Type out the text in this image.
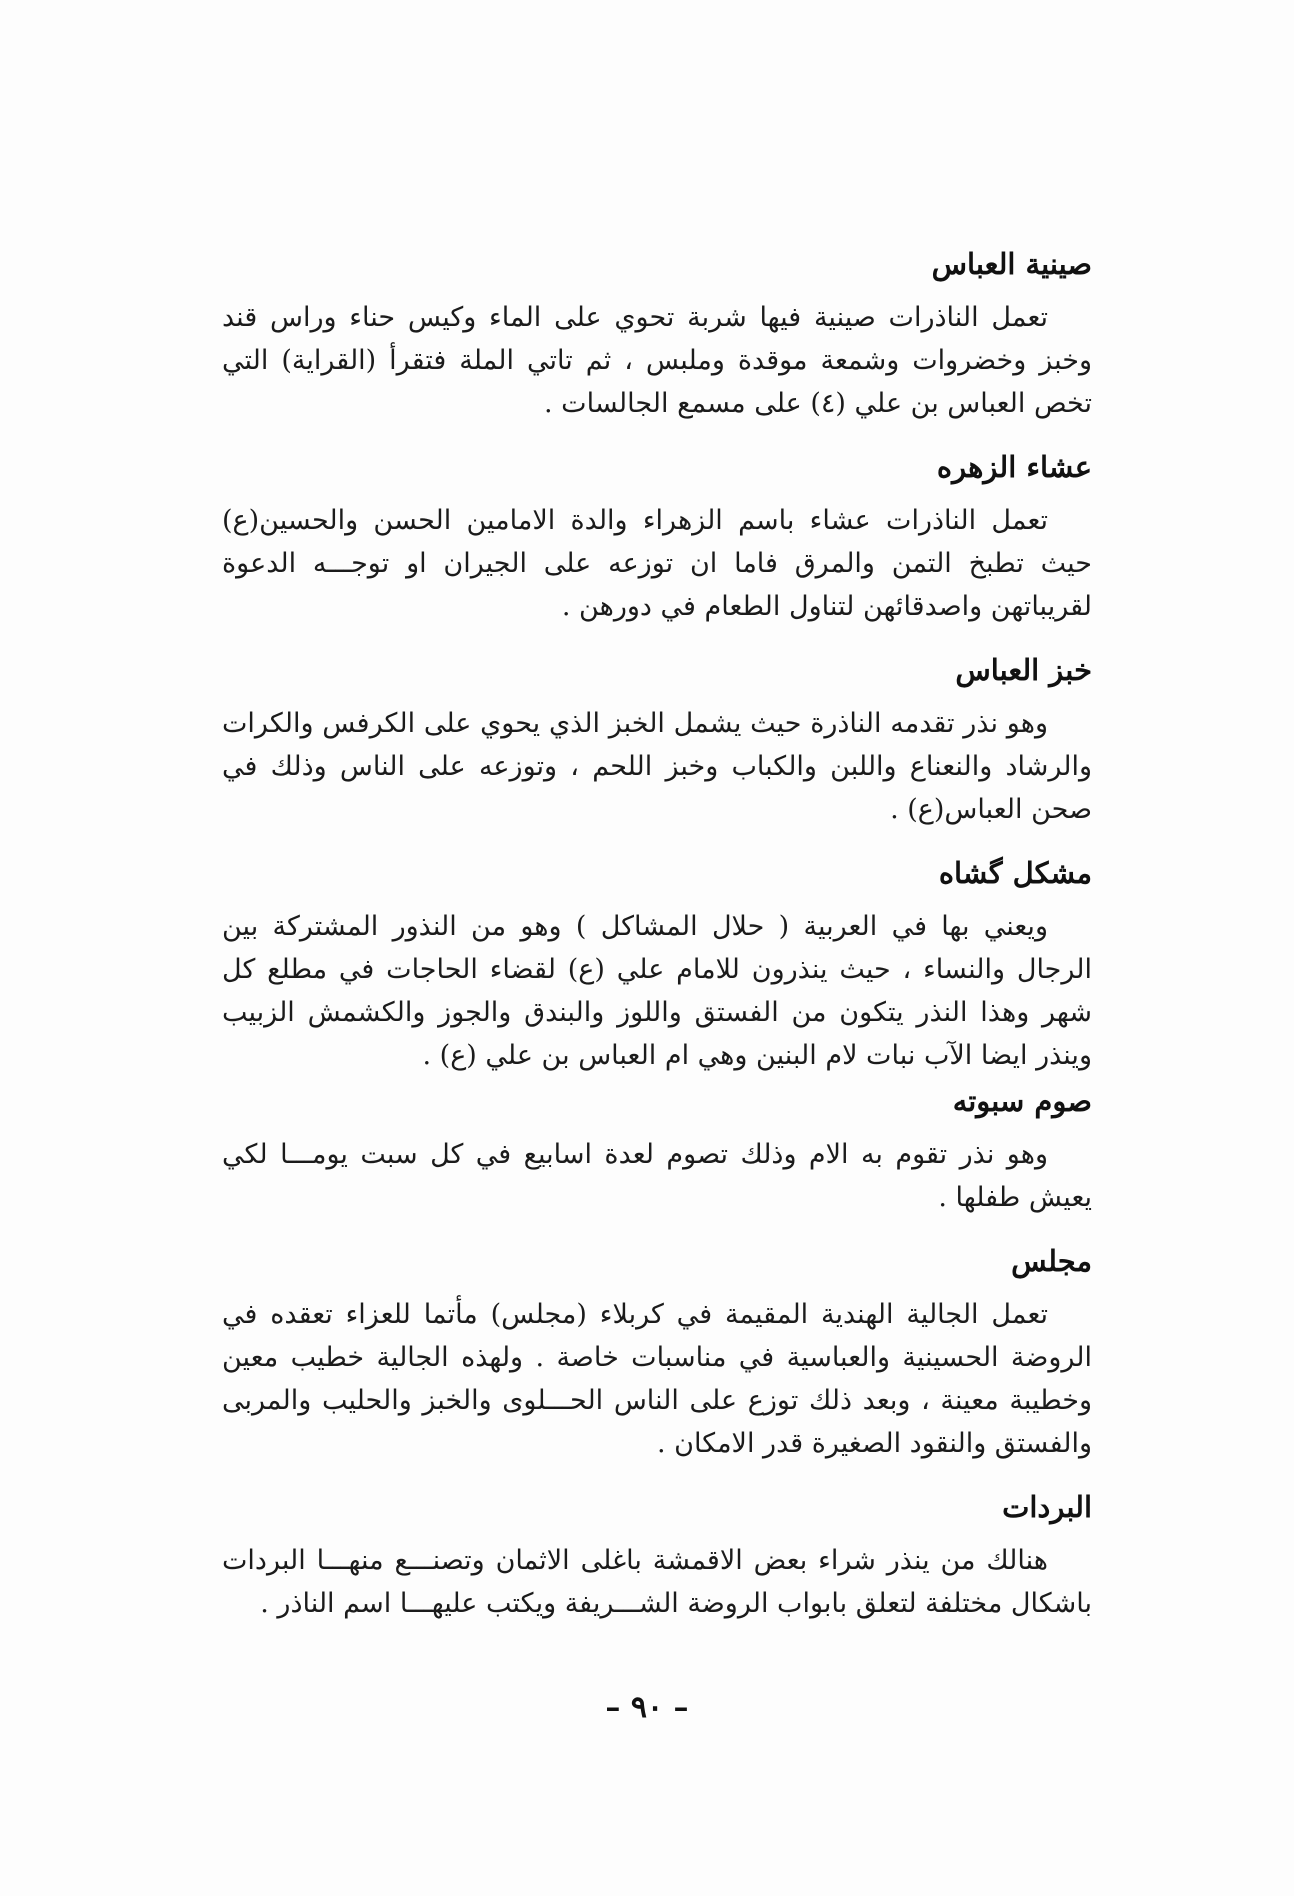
صينية العباس

تعمل الناذرات صينية فيها شربة تحوي على الماء وكيس حناء وراس قند وخبز وخضروات وشمعة موقدة وملبس ، ثم تاتي الملة فتقرأ (القراية) التي تخص العباس بن علي (٤) على مسمع الجالسات .

عشاء الزهره

تعمل الناذرات عشاء باسم الزهراء والدة الامامين الحسن والحسين(ع) حيث تطبخ التمن والمرق فاما ان توزعه على الجيران او توجـــه الدعوة لقريباتهن واصدقائهن لتناول الطعام في دورهن .

خبز العباس

وهو نذر تقدمه الناذرة حيث يشمل الخبز الذي يحوي على الكرفس والكرات والرشاد والنعناع واللبن والكباب وخبز اللحم ، وتوزعه على الناس وذلك في صحن العباس(ع) .

مشكل گشاه

ويعني بها في العربية ( حلال المشاكل ) وهو من النذور المشتركة بين الرجال والنساء ، حيث ينذرون للامام علي (ع) لقضاء الحاجات في مطلع كل شهر وهذا النذر يتكون من الفستق واللوز والبندق والجوز والكشمش الزبيب وينذر ايضا الآب نبات لام البنين وهي ام العباس بن علي (ع) .

صوم سبوته

وهو نذر تقوم به الام وذلك تصوم لعدة اسابيع في كل سبت يومـــا لكي يعيش طفلها .

مجلس

تعمل الجالية الهندية المقيمة في كربلاء (مجلس) مأتما للعزاء تعقده في الروضة الحسينية والعباسية في مناسبات خاصة . ولهذه الجالية خطيب معين وخطيبة معينة ، وبعد ذلك توزع على الناس الحـــلوى والخبز والحليب والمربى والفستق والنقود الصغيرة قدر الامكان .

البردات

هنالك من ينذر شراء بعض الاقمشة باغلى الاثمان وتصنـــع منهـــا البردات باشكال مختلفة لتعلق بابواب الروضة الشـــريفة ويكتب عليهـــا اسم الناذر .

– ٩٠ –
